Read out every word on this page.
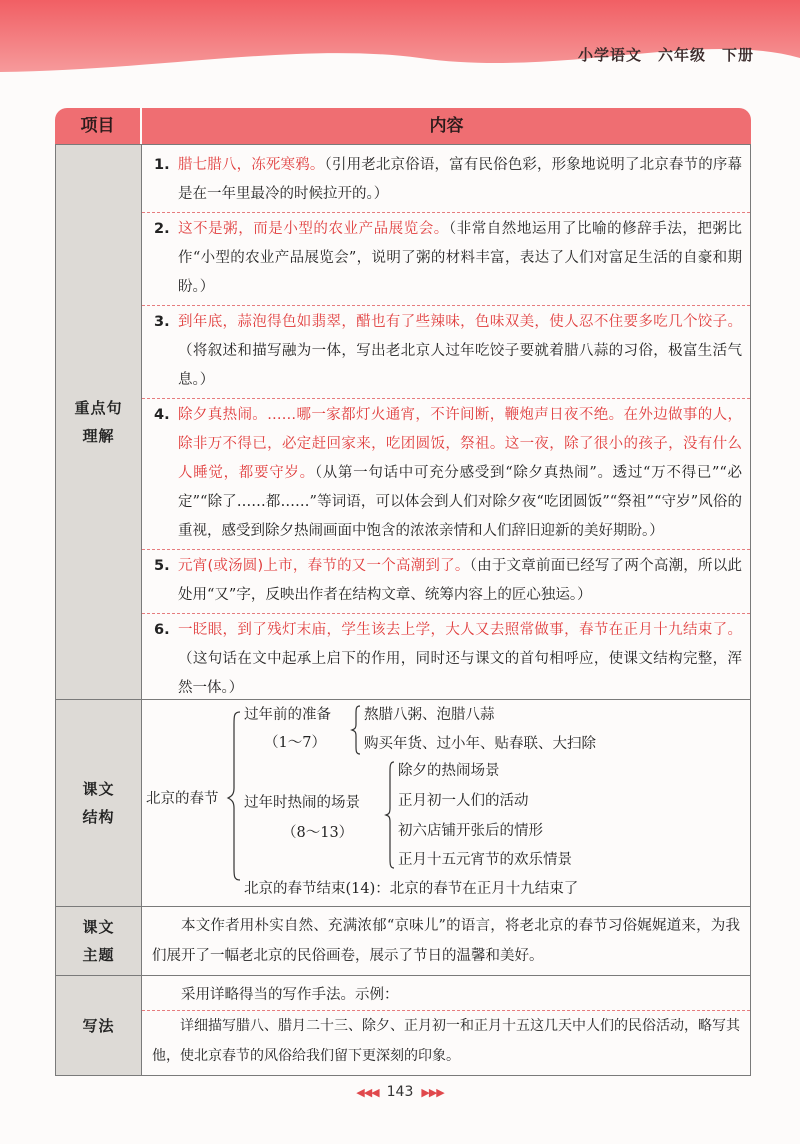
小学语文　六年级　下册
项目	内容
重点句
理解
1. 腊七腊八，冻死寒鸦。（引用老北京俗语，富有民俗色彩，形象地说明了北京春节的序幕是在一年里最冷的时候拉开的。）
2. 这不是粥，而是小型的农业产品展览会。（非常自然地运用了比喻的修辞手法，把粥比作“小型的农业产品展览会”，说明了粥的材料丰富，表达了人们对富足生活的自豪和期盼。）
3. 到年底，蒜泡得色如翡翠，醋也有了些辣味，色味双美，使人忍不住要多吃几个饺子。（将叙述和描写融为一体，写出老北京人过年吃饺子要就着腊八蒜的习俗，极富生活气息。）
4. 除夕真热闹。……哪一家都灯火通宵，不许间断，鞭炮声日夜不绝。在外边做事的人，除非万不得已，必定赶回家来，吃团圆饭，祭祖。这一夜，除了很小的孩子，没有什么人睡觉，都要守岁。（从第一句话中可充分感受到“除夕真热闹”。透过“万不得已”“必定”“除了……都……”等词语，可以体会到人们对除夕夜“吃团圆饭”“祭祖”“守岁”风俗的重视，感受到除夕热闹画面中饱含的浓浓亲情和人们辞旧迎新的美好期盼。）
5. 元宵(或汤圆)上市，春节的又一个高潮到了。（由于文章前面已经写了两个高潮，所以此处用“又”字，反映出作者在结构文章、统筹内容上的匠心独运。）
6. 一眨眼，到了残灯末庙，学生该去上学，大人又去照常做事，春节在正月十九结束了。（这句话在文中起承上启下的作用，同时还与课文的首句相呼应，使课文结构完整，浑然一体。）
课文
结构
北京的春节
过年前的准备
（1～7）
熬腊八粥、泡腊八蒜
购买年货、过小年、贴春联、大扫除
过年时热闹的场景
（8～13）
除夕的热闹场景
正月初一人们的活动
初六店铺开张后的情形
正月十五元宵节的欢乐情景
北京的春节结束(14)：北京的春节在正月十九结束了
课文
主题
本文作者用朴实自然、充满浓郁“京味儿”的语言，将老北京的春节习俗娓娓道来，为我们展开了一幅老北京的民俗画卷，展示了节日的温馨和美好。
写法
采用详略得当的写作手法。示例：
详细描写腊八、腊月二十三、除夕、正月初一和正月十五这几天中人们的民俗活动，略写其他，使北京春节的风俗给我们留下更深刻的印象。
◀◀◀ 143 ▶▶▶
